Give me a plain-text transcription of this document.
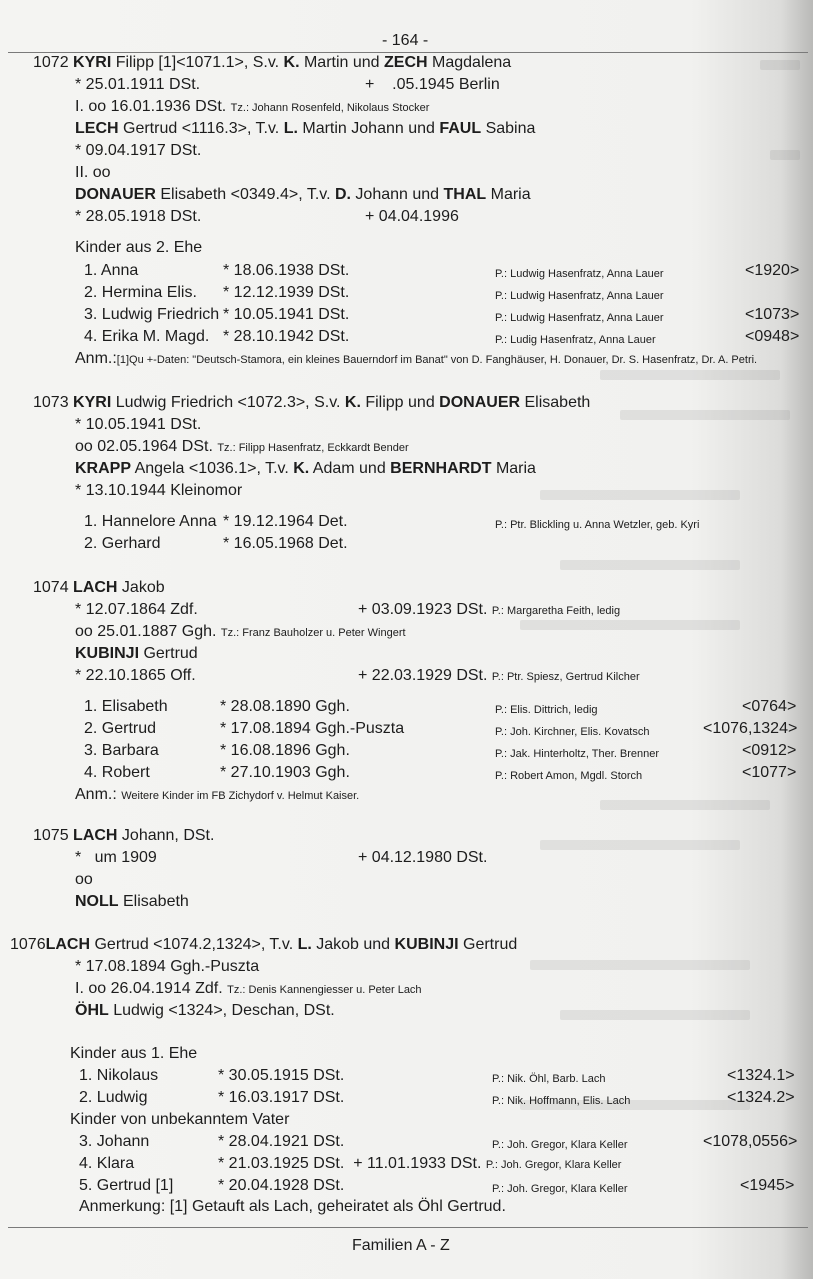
- 164 -
1072 KYRI Filipp [1]<1071.1>, S.v. K. Martin und ZECH Magdalena
* 25.01.1911 DSt.	+    .05.1945 Berlin
I. oo 16.01.1936 DSt. Tz.: Johann Rosenfeld, Nikolaus Stocker
LECH Gertrud <1116.3>, T.v. L. Martin Johann und FAUL Sabina
* 09.04.1917 DSt.
II. oo
DONAUER Elisabeth <0349.4>, T.v. D. Johann und THAL Maria
* 28.05.1918 DSt.	+ 04.04.1996
Kinder aus 2. Ehe
1. Anna	* 18.06.1938 DSt.	P.: Ludwig Hasenfratz, Anna Lauer	<1920>
2. Hermina Elis. * 12.12.1939 DSt.	P.: Ludwig Hasenfratz, Anna Lauer
3. Ludwig Friedrich * 10.05.1941 DSt.	P.: Ludwig Hasenfratz, Anna Lauer	<1073>
4. Erika M. Magd. * 28.10.1942 DSt.	P.: Ludig Hasenfratz, Anna Lauer	<0948>
Anm.:[1]Qu +-Daten: "Deutsch-Stamora, ein kleines Bauerndorf im Banat" von D. Fanghäuser, H. Donauer, Dr. S. Hasenfratz, Dr. A. Petri.
1073 KYRI Ludwig Friedrich <1072.3>, S.v. K. Filipp und DONAUER Elisabeth
* 10.05.1941 DSt.
oo 02.05.1964 DSt. Tz.: Filipp Hasenfratz, Eckkardt Bender
KRAPP Angela <1036.1>, T.v. K. Adam und BERNHARDT Maria
* 13.10.1944 Kleinomor
1. Hannelore Anna * 19.12.1964 Det.	P.: Ptr. Blickling u. Anna Wetzler, geb. Kyri
2. Gerhard	* 16.05.1968 Det.
1074 LACH Jakob
* 12.07.1864 Zdf.	+ 03.09.1923 DSt. P.: Margaretha Feith, ledig
oo 25.01.1887 Ggh. Tz.: Franz Bauholzer u. Peter Wingert
KUBINJI Gertrud
* 22.10.1865 Off.	+ 22.03.1929 DSt. P.: Ptr. Spiesz, Gertrud Kilcher
1. Elisabeth	* 28.08.1890 Ggh.	P.: Elis. Dittrich, ledig	<0764>
2. Gertrud	* 17.08.1894 Ggh.-Puszta	P.: Joh. Kirchner, Elis. Kovatsch	<1076,1324>
3. Barbara	* 16.08.1896 Ggh.	P.: Jak. Hinterholtz, Ther. Brenner	<0912>
4. Robert	* 27.10.1903 Ggh.	P.: Robert Amon, Mgdl. Storch	<1077>
Anm.: Weitere Kinder im FB Zichydorf v. Helmut Kaiser.
1075 LACH Johann, DSt.
*   um 1909	+ 04.12.1980 DSt.
oo
NOLL Elisabeth
1076LACH Gertrud <1074.2,1324>, T.v. L. Jakob und KUBINJI Gertrud
* 17.08.1894 Ggh.-Puszta
I. oo 26.04.1914 Zdf. Tz.: Denis Kannengiesser u. Peter Lach
ÖHL Ludwig <1324>, Deschan, DSt.
Kinder aus 1. Ehe
1. Nikolaus	* 30.05.1915 DSt.	P.: Nik. Öhl, Barb. Lach	<1324.1>
2. Ludwig	* 16.03.1917 DSt.	P.: Nik. Hoffmann, Elis. Lach	<1324.2>
Kinder von unbekanntem Vater
3. Johann	* 28.04.1921 DSt.	P.: Joh. Gregor, Klara Keller	<1078,0556>
4. Klara	* 21.03.1925 DSt.  + 11.01.1933 DSt. P.: Joh. Gregor, Klara Keller
5. Gertrud [1]	* 20.04.1928 DSt.	P.: Joh. Gregor, Klara Keller	<1945>
Anmerkung: [1] Getauft als Lach, geheiratet als Öhl Gertrud.
Familien A - Z
